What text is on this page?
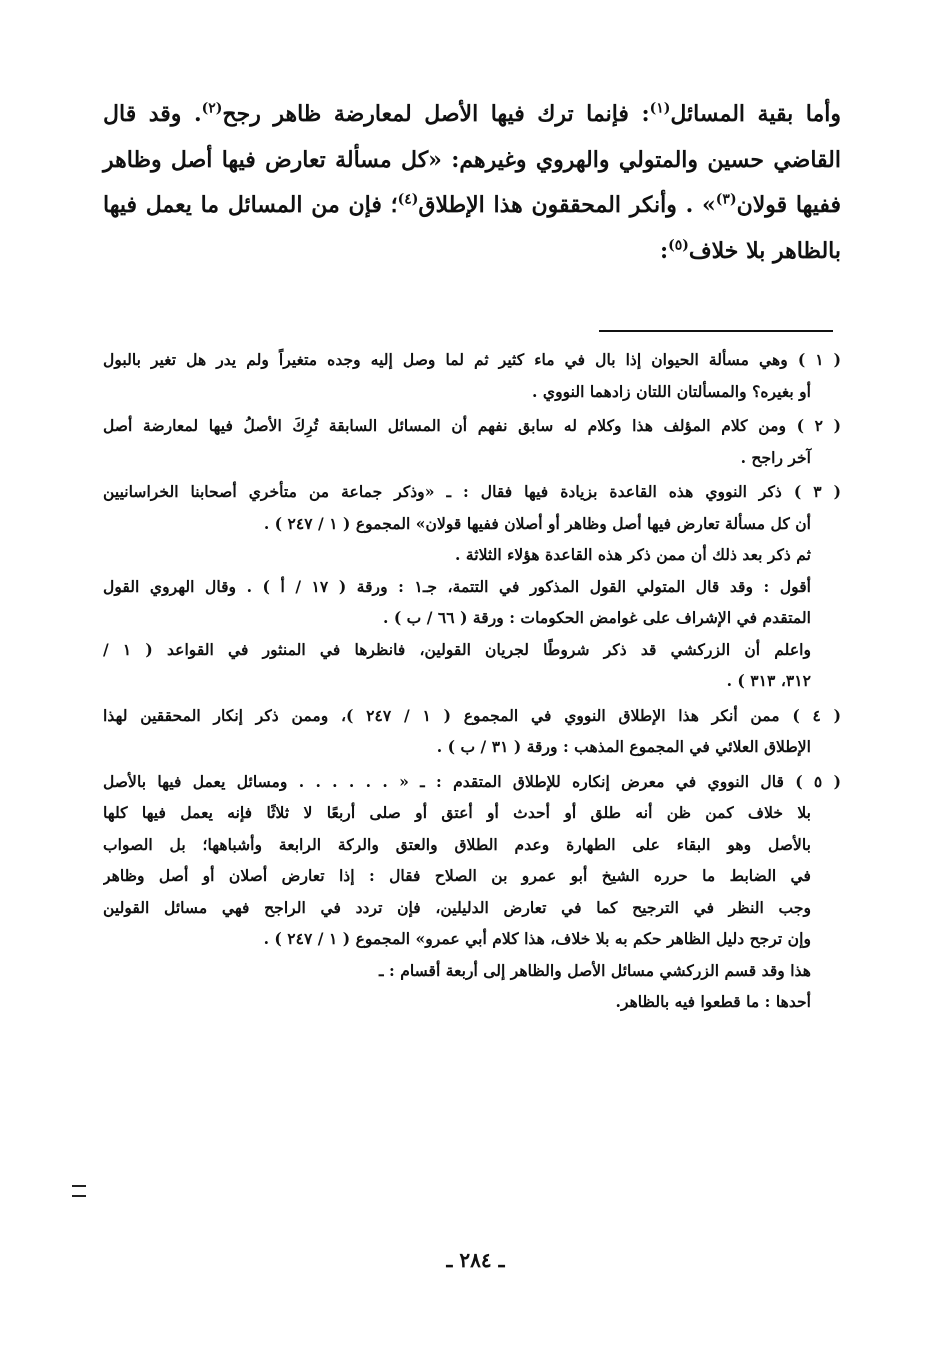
وأما بقية المسائل$^{(١)}$: فإنما ترك فيها الأصل لمعارضة ظاهر رجح$^{(٢)}$. وقد قال القاضي حسين والمتولي والهروي وغيرهم: «كل مسألة تعارض فيها أصل وظاهر ففيها قولان$^{(٣)}$» . وأنكر المحققون هذا الإطلاق$^{(٤)}$؛ فإن من المسائل ما يعمل فيها بالظاهر بلا خلاف$^{(٥)}$:

( ١ ) وهي مسألة الحيوان إذا بال في ماء كثير ثم لما وصل إليه وجده متغيراً ولم يدر هل تغير بالبول
أو بغيره؟ والمسألتان اللتان زادهما النووي .
( ٢ ) ومن كلام المؤلف هذا وكلام له سابق نفهم أن المسائل السابقة تُرِكَ الأصلُ فيها لمعارضة أصل
آخر راجح .
( ٣ ) ذكر النووي هذه القاعدة بزيادة فيها فقال : ـ «وذكر جماعة من متأخري أصحابنا الخراسانيين
أن كل مسألة تعارض فيها أصل وظاهر أو أصلان ففيها قولان» المجموع ( ١ / ٢٤٧ ) .
ثم ذكر بعد ذلك أن ممن ذكر هذه القاعدة هؤلاء الثلاثة .
أقول : وقد قال المتولي القول المذكور في التتمة، جـ١ : ورقة ( ١٧ / أ ) . وقال الهروي القول
المتقدم في الإشراف على غوامض الحكومات : ورقة ( ٦٦ / ب ) .
واعلم أن الزركشي قد ذكر شروطًا لجريان القولين، فانظرها في المنثور في القواعد ( ١ /
٣١٢، ٣١٣ ) .
( ٤ ) ممن أنكر هذا الإطلاق النووي في المجموع ( ١ / ٢٤٧ )، وممن ذكر إنكار المحققين لهذا
الإطلاق العلائي في المجموع المذهب : ورقة ( ٣١ / ب ) .
( ٥ ) قال النووي في معرض إنكاره للإطلاق المتقدم : ـ « . . . . . . ومسائل يعمل فيها بالأصل
بلا خلاف كمن ظن أنه طلق أو أحدث أو أعتق أو صلى أربعًا لا ثلاثًا فإنه يعمل فيها كلها
بالأصل وهو البقاء على الطهارة وعدم الطلاق والعتق والركة الرابعة وأشباهها؛ بل الصواب
في الضابط ما حرره الشيخ أبو عمرو بن الصلاح فقال : إذا تعارض أصلان أو أصل وظاهر
وجب النظر في الترجيح كما في تعارض الدليلين، فإن تردد في الراجح فهي مسائل القولين
وإن ترجح دليل الظاهر حكم به بلا خلاف، هذا كلام أبي عمرو» المجموع ( ١ / ٢٤٧ ) .
هذا وقد قسم الزركشي مسائل الأصل والظاهر إلى أربعة أقسام : ـ
أحدها : ما قطعوا فيه بالظاهر.
ـ ٢٨٤ ـ
